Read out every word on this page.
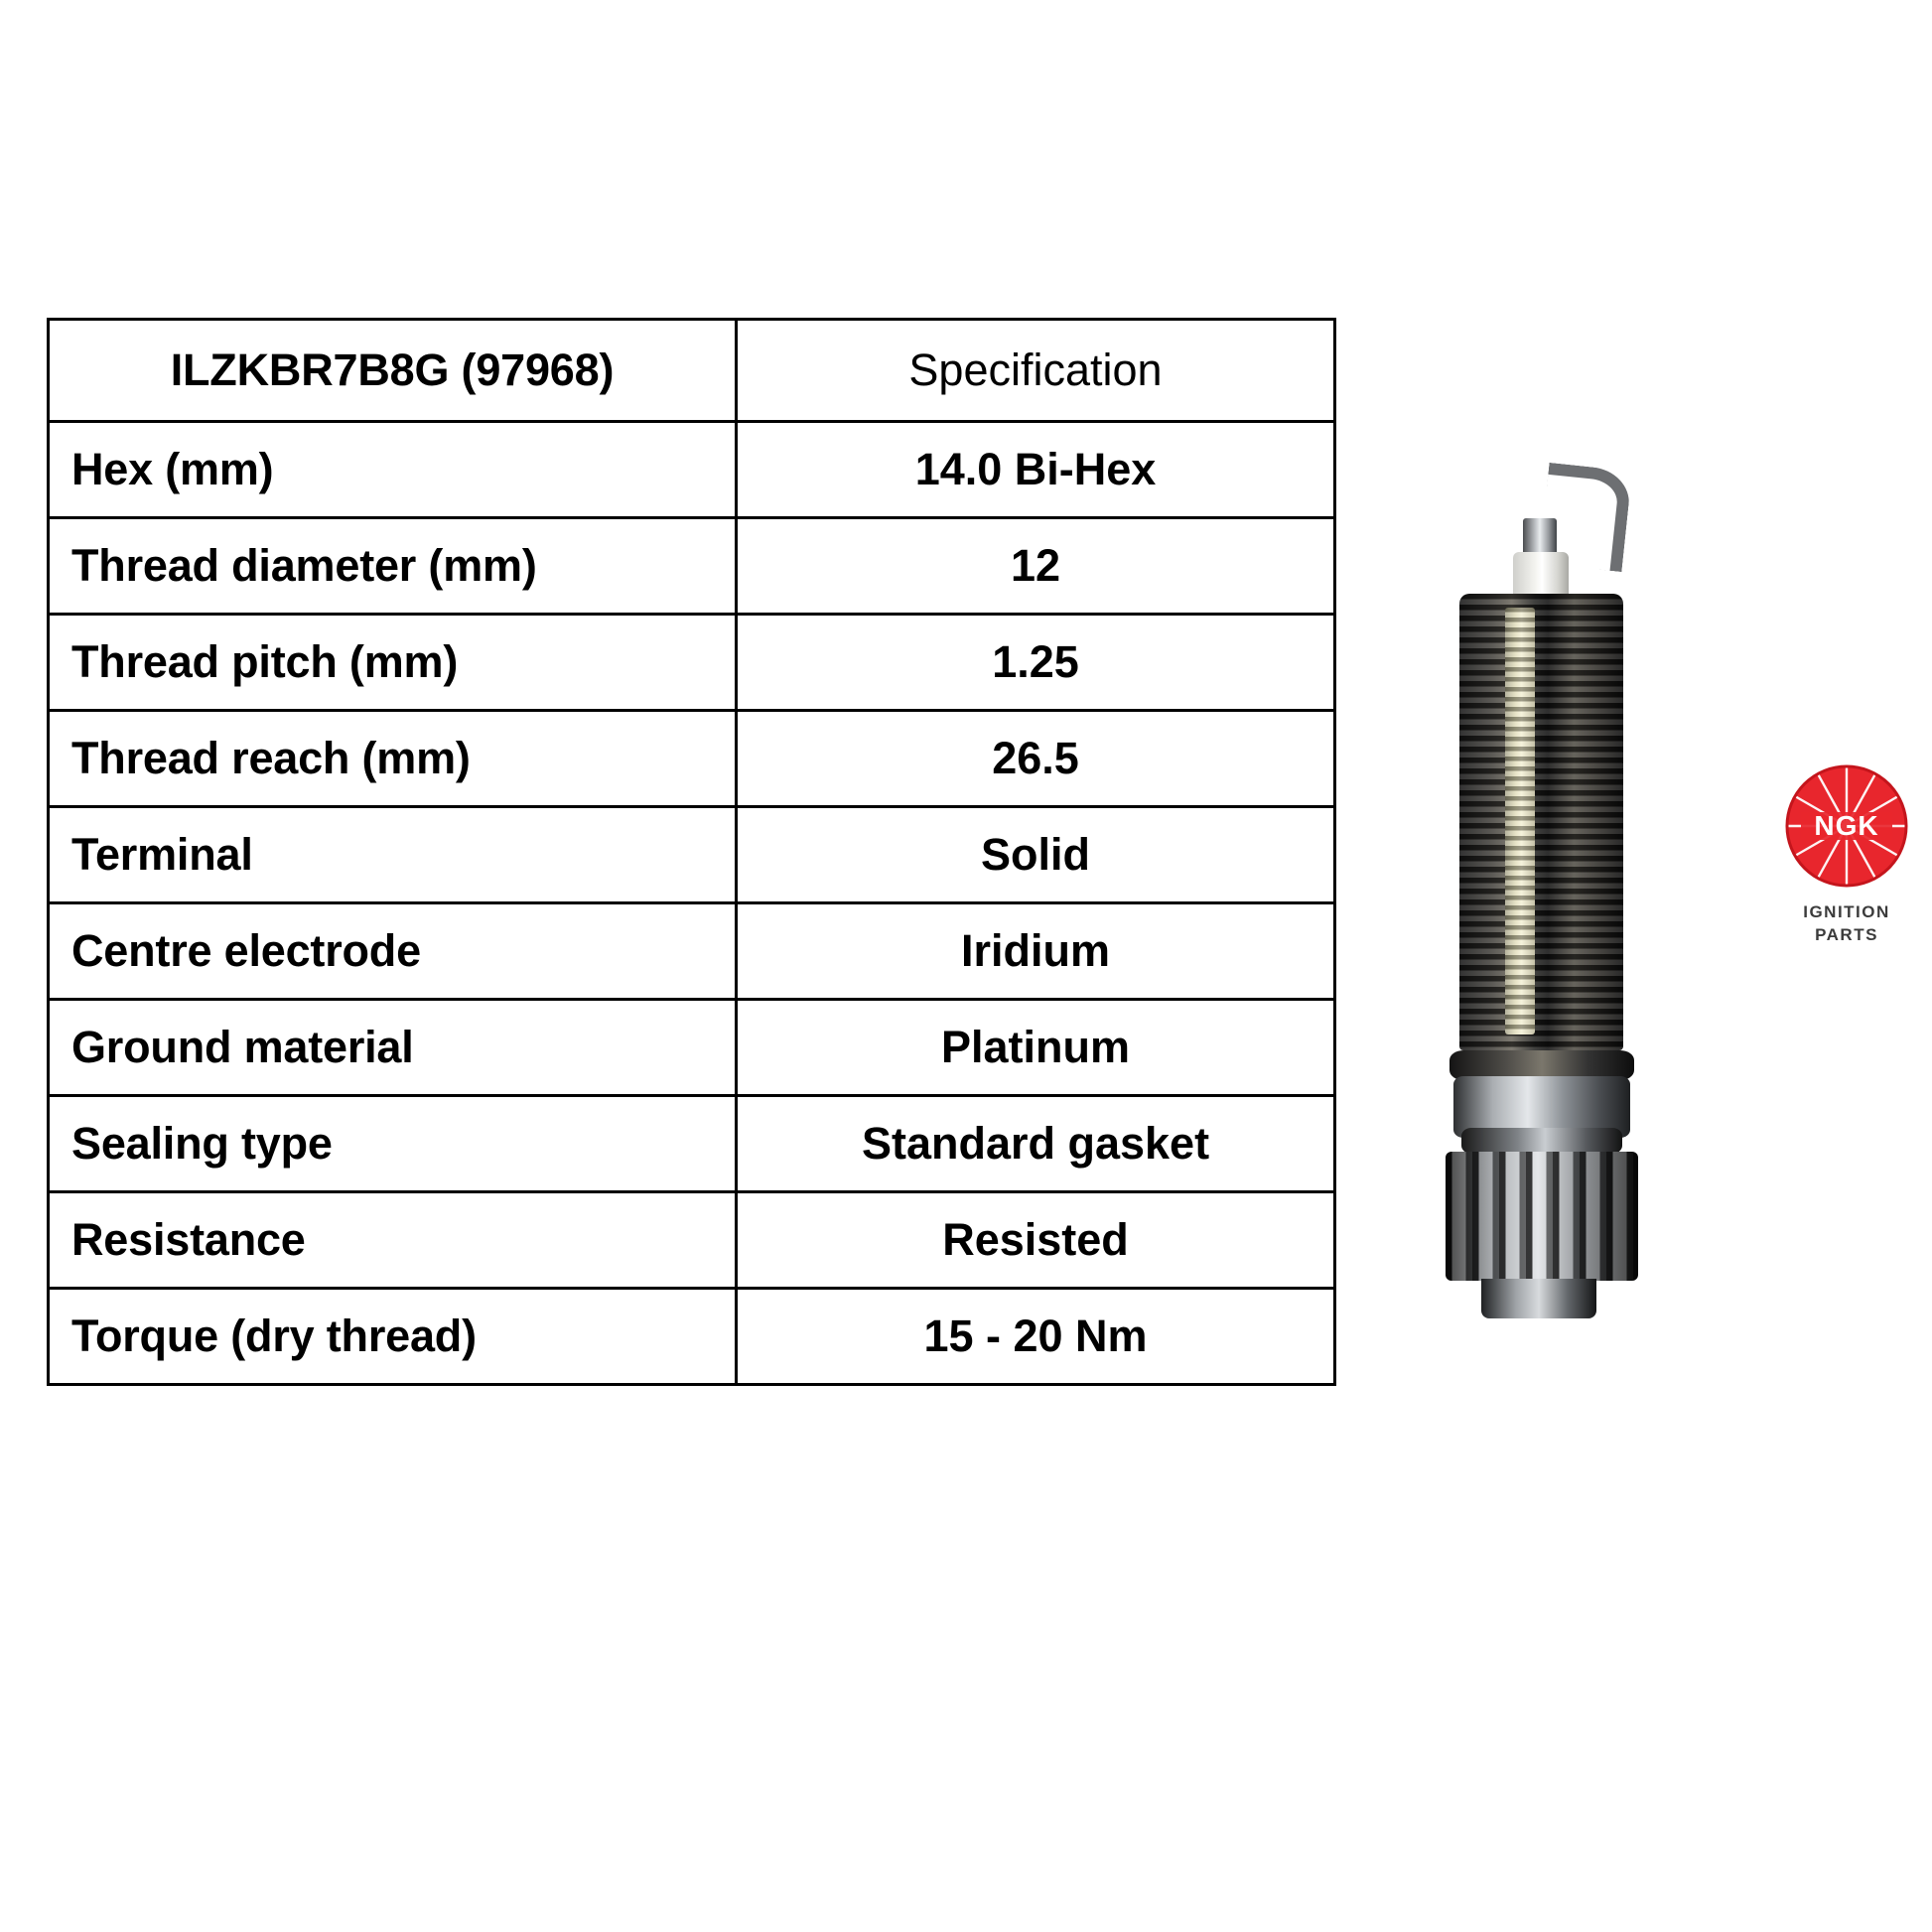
ILZKBR7B8G (97968)	Specification
Hex (mm)	14.0 Bi-Hex
Thread diameter (mm)	12
Thread pitch (mm)	1.25
Thread reach (mm)	26.5
Terminal	Solid
Centre electrode	Iridium
Ground material	Platinum
Sealing type	Standard gasket
Resistance	Resisted
Torque (dry thread)	15 - 20 Nm
NGK
IGNITION
PARTS
